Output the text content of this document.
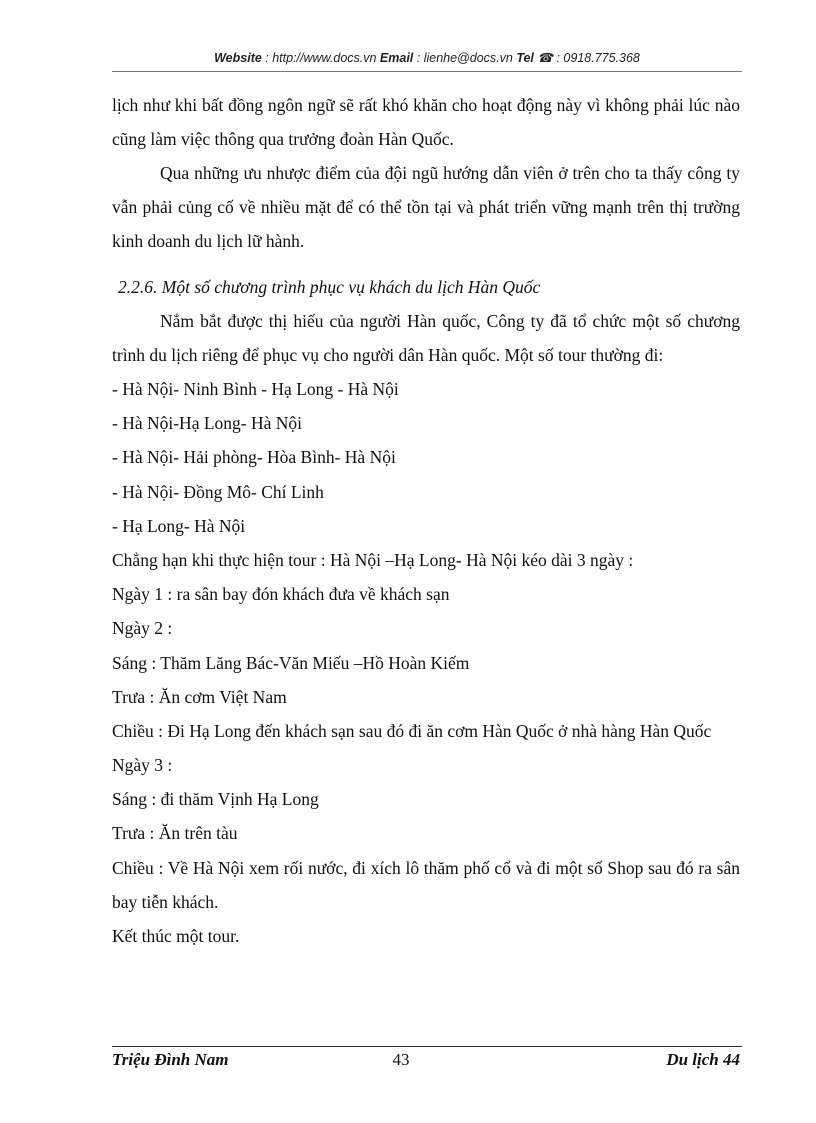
Website : http://www.docs.vn Email : lienhe@docs.vn Tel ☎ : 0918.775.368

lịch như khi bất đồng ngôn ngữ sẽ rất khó khăn cho hoạt động này vì không phải lúc nào cũng làm việc thông qua trưởng đoàn Hàn Quốc.

Qua những ưu nhược điểm của đội ngũ hướng dẫn viên ở trên cho ta thấy công ty vẫn phải củng cố về nhiều mặt để có thể tồn tại và phát triển vững mạnh trên thị trường kinh doanh du lịch lữ hành.

2.2.6. Một số chương trình phục vụ khách du lịch Hàn Quốc

Nắm bắt được thị hiếu của người Hàn quốc, Công ty đã tổ chức một số chương trình du lịch riêng để phục vụ cho người dân Hàn quốc. Một số tour thường đi:

- Hà Nội- Ninh Bình - Hạ Long - Hà Nội

- Hà Nội-Hạ Long- Hà Nội

- Hà Nội- Hải phòng- Hòa Bình- Hà Nội

- Hà Nội- Đồng Mô- Chí Linh

- Hạ Long- Hà Nội

Chẳng hạn khi thực hiện tour : Hà Nội –Hạ Long- Hà Nội kéo dài 3 ngày :

Ngày 1 : ra sân bay đón khách đưa về khách sạn

Ngày 2 :

Sáng : Thăm Lăng Bác-Văn Miếu –Hồ Hoàn Kiếm

Trưa : Ăn cơm Việt Nam

Chiều : Đi Hạ Long đến khách sạn sau đó đi ăn cơm Hàn Quốc ở nhà hàng Hàn Quốc

Ngày 3 :

Sáng : đi thăm Vịnh Hạ Long

Trưa : Ăn trên tàu

Chiều : Về Hà Nội xem rối nước, đi xích lô thăm phố cổ và đi một số Shop sau đó ra sân bay tiễn khách.

Kết thúc một tour.

Triệu Đình Nam	43	Du lịch 44
